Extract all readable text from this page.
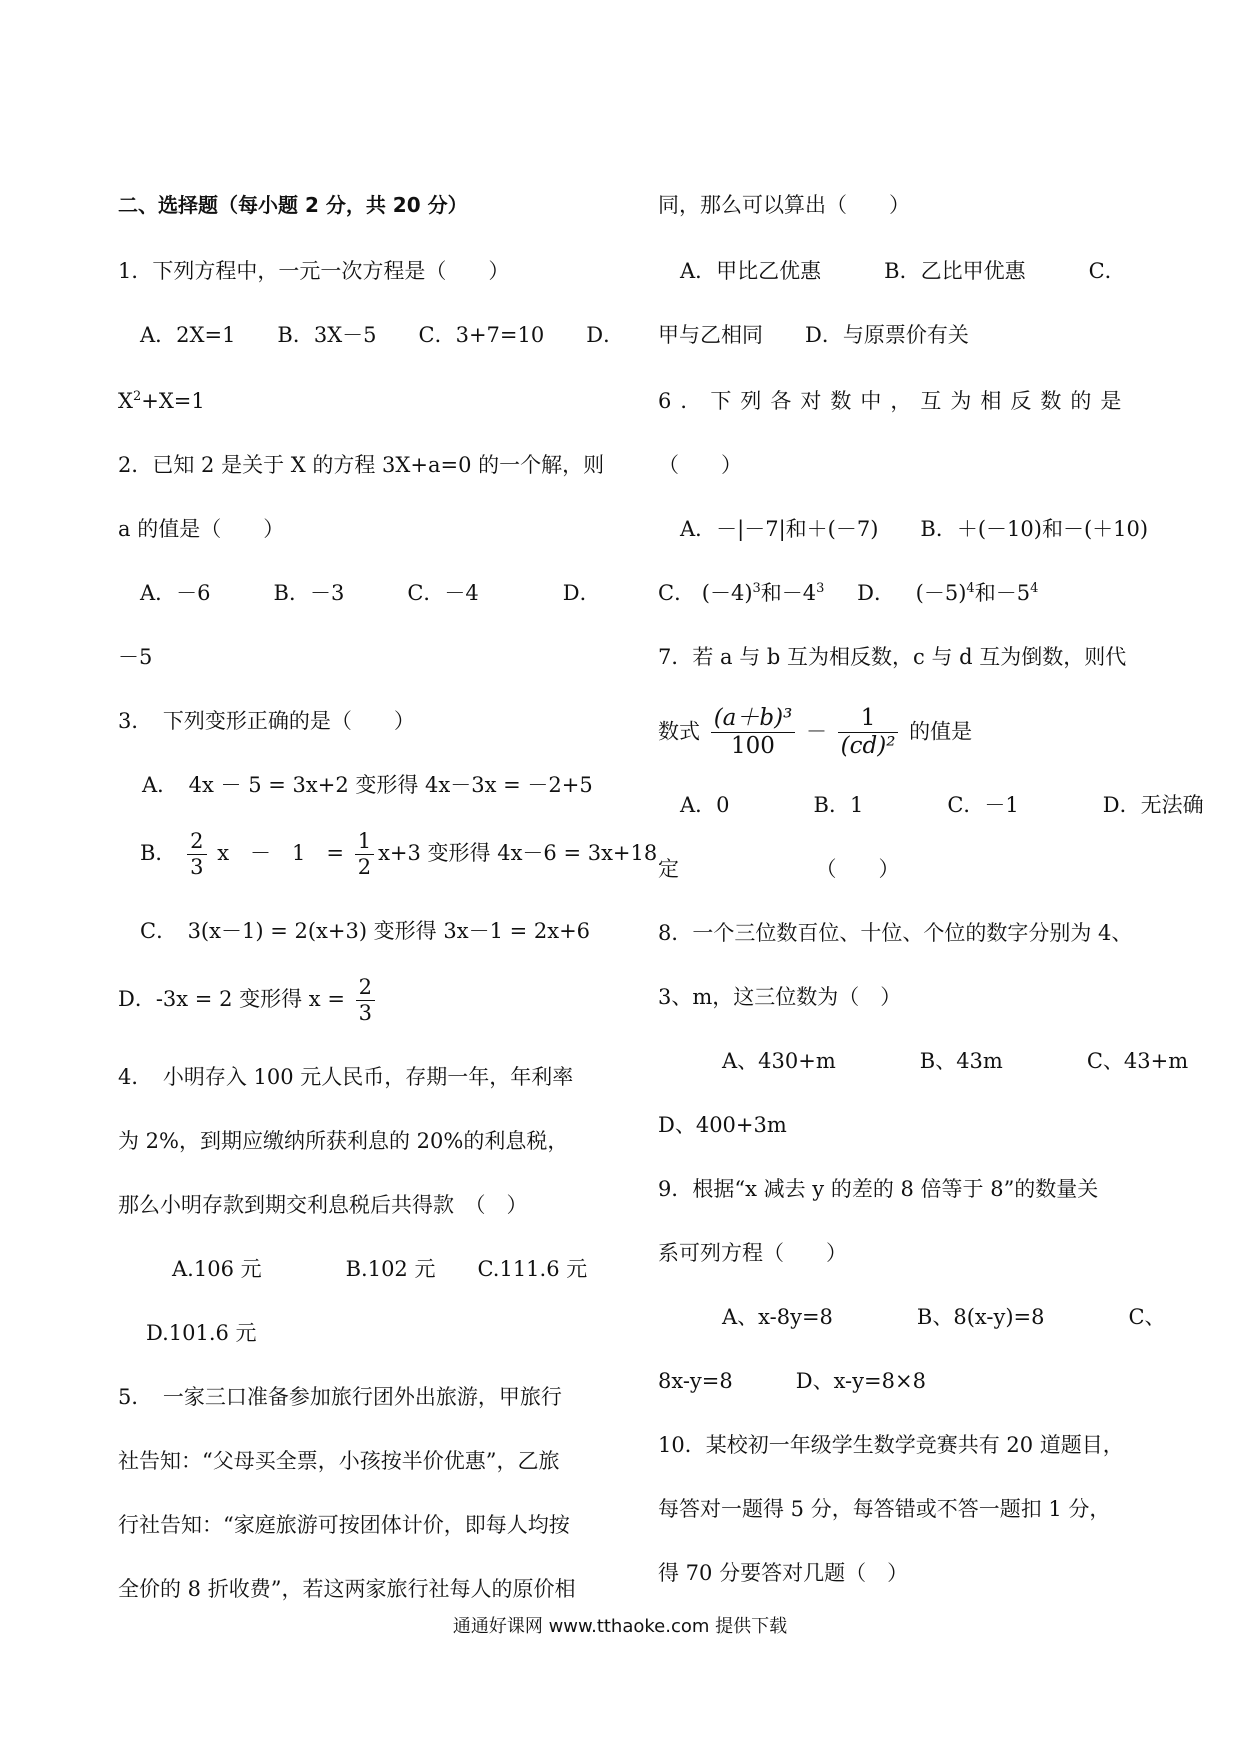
二、选择题（每小题 2 分，共 20 分）
1．下列方程中，一元一次方程是（　　）
A．2X=1　　B．3X－5　　C．3+7=10　　D．
$X^2+X=1$
2．已知 2 是关于 X 的方程 3X+a=0 的一个解，则
a 的值是（　　）
A．－6　　　B．－3　　　C．－4　　　　D．
－5
3．　下列变形正确的是（　　）
A．　4x － 5 = 3x+2 变形得 4x－3x = －2+5
B． $\frac{2}{3}$ x　－　1　= $\frac{1}{2} x+3$ 变形得 4x－6 = 3x+18
C．　3(x－1) = 2(x+3) 变形得 3x－1 = 2x+6
D．-3x = 2 变形得 $x = \frac{2}{3}$
4．　小明存入 100 元人民币，存期一年，年利率
为 2%，到期应缴纳所获利息的 20%的利息税，
那么小明存款到期交利息税后共得款　（　）
A.106 元　　　　B.102 元　　C.111.6 元
D.101.6 元
5．　一家三口准备参加旅行团外出旅游，甲旅行
社告知：“父母买全票，小孩按半价优惠”，乙旅
行社告知：“家庭旅游可按团体计价，即每人均按
全价的 8 折收费”，若这两家旅行社每人的原价相
同，那么可以算出（　　）
A．甲比乙优惠　　　B．乙比甲优惠　　　C．
甲与乙相同　　D．与原票价有关
6．下列各对数中，互为相反数的是
（　　）
A．－|－7|和＋(－7)　　B．＋(－10)和－(＋10)
C． $(-4)^3$和$-4^3$ D． $(-5)^4$和$-5^4$
7．若 a 与 b 互为相反数，c 与 d 互为倒数，则代
数式 $\frac{\text{(a＋b)³}}{100} - \frac{1}{\text{(cd)²}}$ 的值是
A．0　　　　B．1　　　　C．－1　　　　D．无法确
定　　　　　　　（　　）
8．一个三位数百位、十位、个位的数字分别为 4、
3、m，这三位数为（　）
A、430+m　　　　B、43m　　　　C、43+m
D、400+3m
9．根据“x 减去 y 的差的 8 倍等于 8”的数量关
系可列方程（　　）
A、x-8y=8　　　　B、8(x-y)=8　　　　C、
8x-y=8　　　D、x-y=8×8
10．某校初一年级学生数学竞赛共有 20 道题目，
每答对一题得 5 分，每答错或不答一题扣 1 分，
得 70 分要答对几题（　）
通通好课网 www.tthaoke.com 提供下载
